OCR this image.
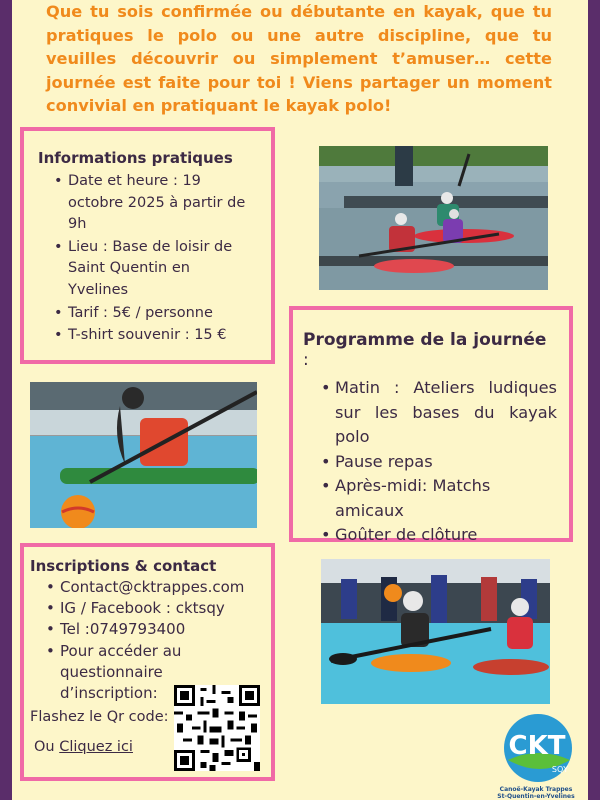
Que tu sois confirmée ou débutante en kayak, que tu pratiques le polo ou une autre discipline, que tu veuilles découvrir ou simplement t’amuser… cette journée est faite pour toi ! Viens partager un moment convivial en pratiquant le kayak polo!

Informations pratiques
• Date et heure : 19 octobre 2025 à partir de 9h
• Lieu : Base de loisir de Saint Quentin en Yvelines
• Tarif : 5€ / personne
• T-shirt souvenir : 15 €	Programme de la journée :
• Matin : Ateliers ludiques sur les bases du kayak polo
• Pause repas
• Après-midi: Matchs amicaux
• Goûter de clôture
Inscriptions & contact
• Contact@cktrappes.com
• IG / Facebook : cktsqy
• Tel :0749793400
• Pour accéder au questionnaire d’inscription:
Flashez le Qr code:
Ou Cliquez ici	CKT
SQY
Canoë-Kayak Trappes
St-Quentin-en-Yvelines
